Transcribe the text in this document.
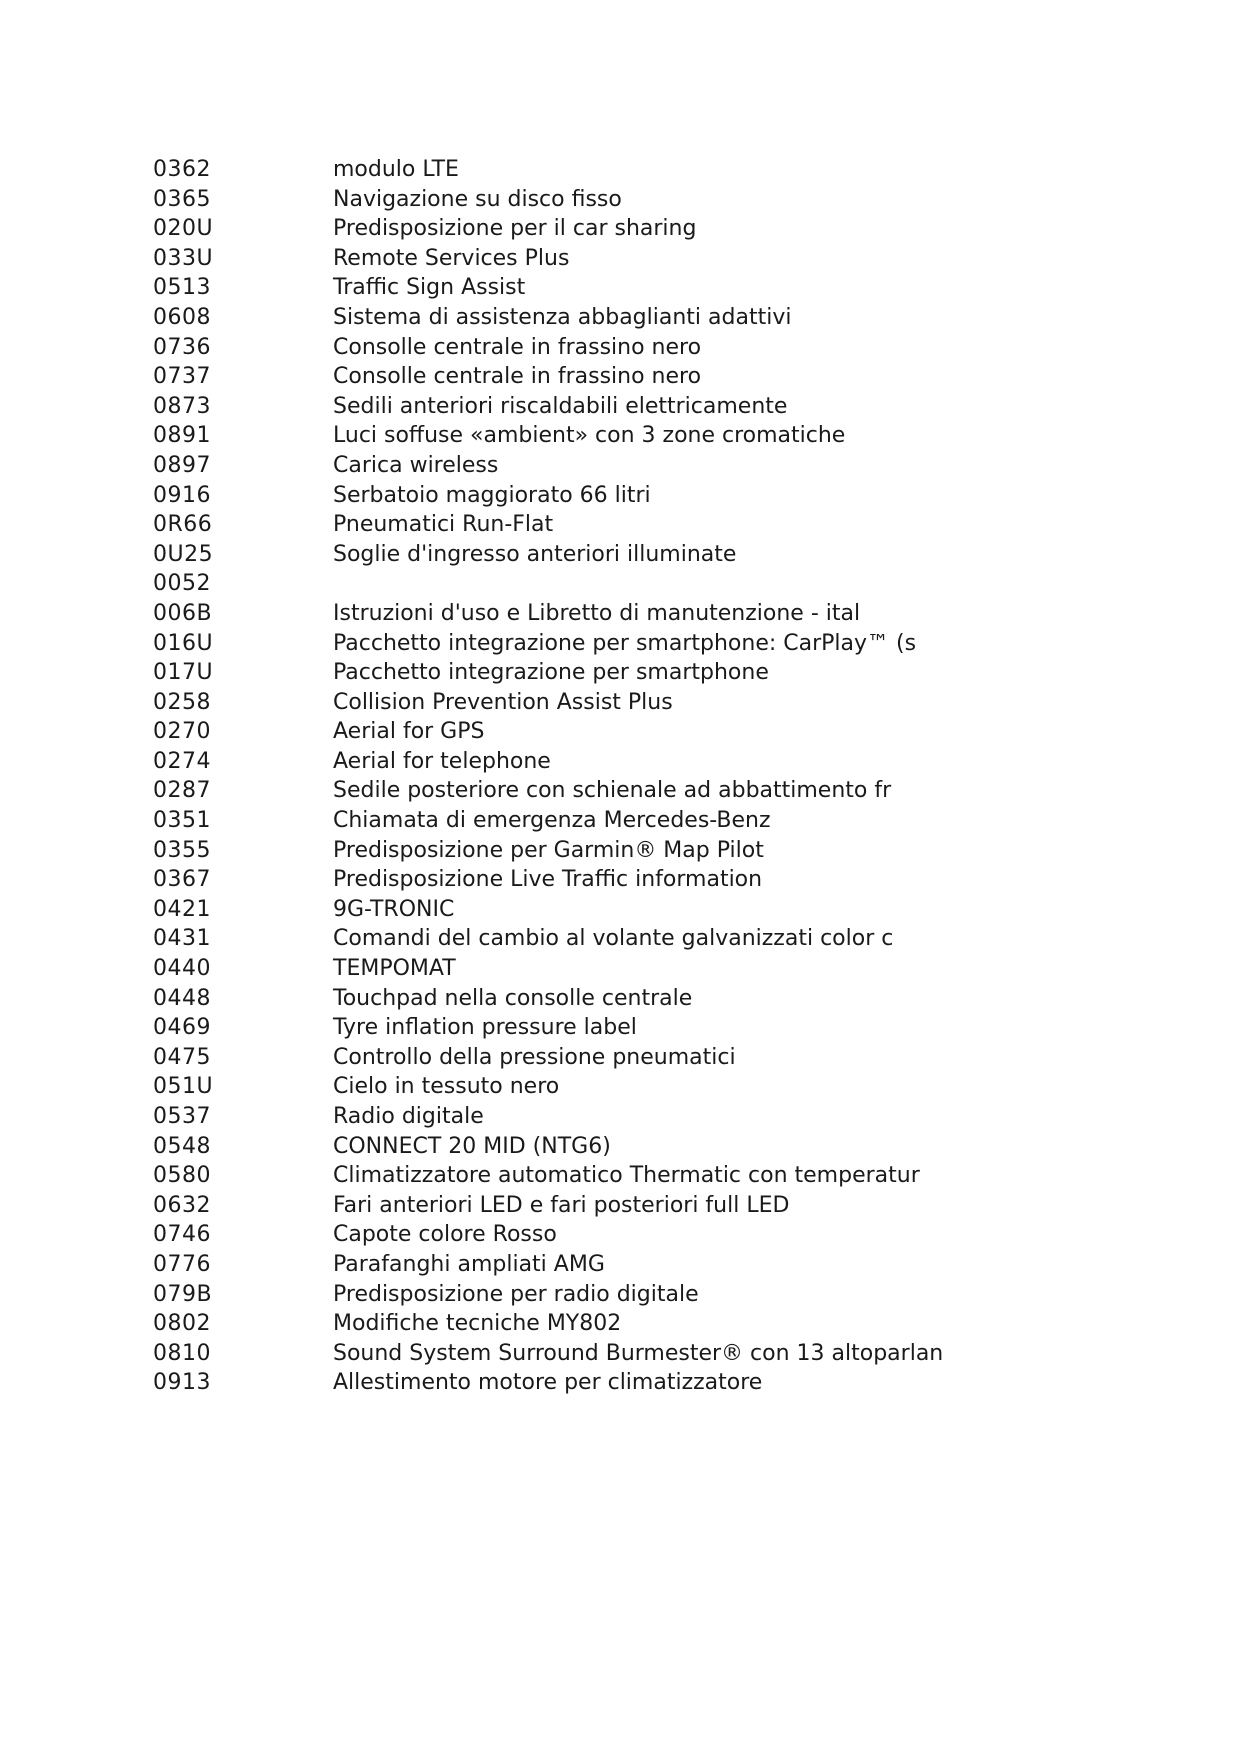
0362	modulo LTE
0365	Navigazione su disco fisso
020U	Predisposizione per il car sharing
033U	Remote Services Plus
0513	Traffic Sign Assist
0608	Sistema di assistenza abbaglianti adattivi
0736	Consolle centrale in frassino nero
0737	Consolle centrale in frassino nero
0873	Sedili anteriori riscaldabili elettricamente
0891	Luci soffuse «ambient» con 3 zone cromatiche
0897	Carica wireless
0916	Serbatoio maggiorato 66 litri
0R66	Pneumatici Run-Flat
0U25	Soglie d'ingresso anteriori illuminate
0052
006B	Istruzioni d'uso e Libretto di manutenzione - ital
016U	Pacchetto integrazione per smartphone: CarPlay™ (s
017U	Pacchetto integrazione per smartphone
0258	Collision Prevention Assist Plus
0270	Aerial for GPS
0274	Aerial for telephone
0287	Sedile posteriore con schienale ad abbattimento fr
0351	Chiamata di emergenza Mercedes-Benz
0355	Predisposizione per Garmin® Map Pilot
0367	Predisposizione Live Traffic information
0421	9G-TRONIC
0431	Comandi del cambio al volante galvanizzati color c
0440	TEMPOMAT
0448	Touchpad nella consolle centrale
0469	Tyre inflation pressure label
0475	Controllo della pressione pneumatici
051U	Cielo in tessuto nero
0537	Radio digitale
0548	CONNECT 20 MID (NTG6)
0580	Climatizzatore automatico Thermatic con temperatur
0632	Fari anteriori LED e fari posteriori full LED
0746	Capote colore Rosso
0776	Parafanghi ampliati AMG
079B	Predisposizione per radio digitale
0802	Modifiche tecniche MY802
0810	Sound System Surround Burmester® con 13 altoparlan
0913	Allestimento motore per climatizzatore
